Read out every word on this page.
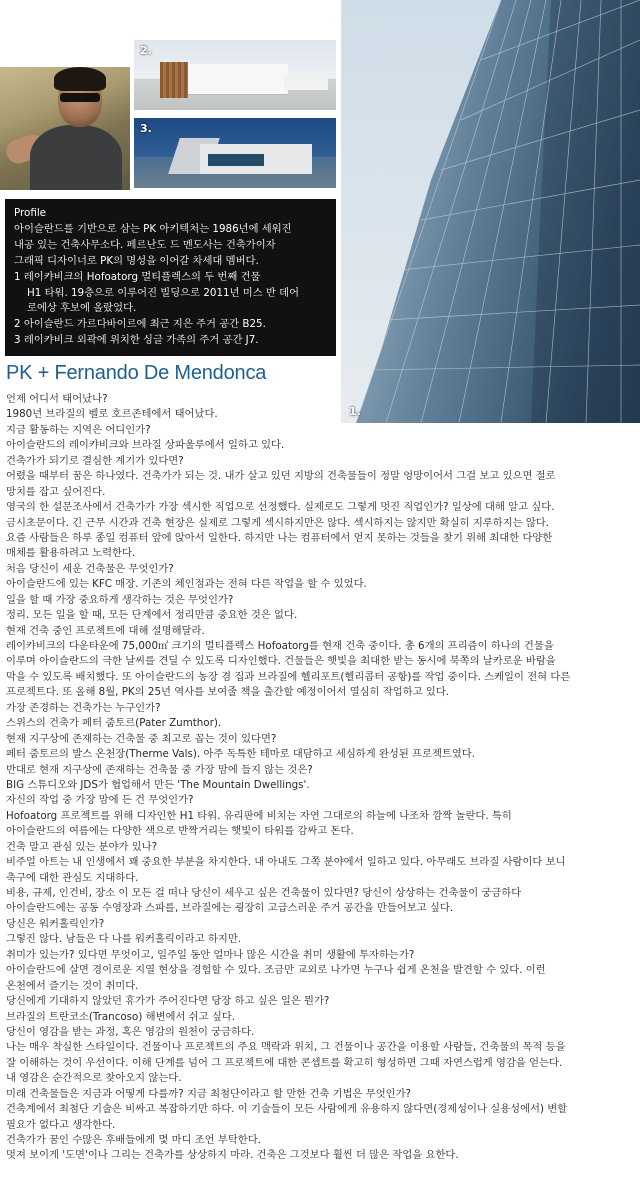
2.
3.
1.
Profile
아이슬란드를 기반으로 삼는 PK 아키텍처는 1986년에 세워진
내공 있는 건축사무소다. 페르난도 드 멘도사는 건축가이자
그래픽 디자이너로 PK의 명성을 이어갈 차세대 멤버다.
1 레이캬비크의 Hofoatorg 멀티플렉스의 두 번째 건물
H1 타워. 19층으로 이루어진 빌딩으로 2011년 미스 반 데어
로에상 후보에 올랐었다.
2 아이슬란드 가르다바이르에 최근 지은 주거 공간 B25.
3 레이캬비크 외곽에 위치한 싱글 가족의 주거 공간 J7.
PK + Fernando De Mendonca
언제 어디서 태어났나?
1980년 브라질의 벨로 호르존테에서 태어났다.
지금 활동하는 지역은 어디인가?
아이슬란드의 레이캬비크와 브라질 상파울루에서 일하고 있다.
건축가가 되기로 결심한 계기가 있다면?
어렸을 때부터 꿈은 하나였다. 건축가가 되는 것. 내가 살고 있던 지방의 건축물들이 정말 엉망이어서 그걸 보고 있으면 절로
망치를 잡고 싶어진다.
영국의 한 설문조사에서 건축가가 가장 섹시한 직업으로 선정했다. 실제로도 그렇게 멋진 직업인가? 일상에 대해 알고 싶다.
금시초문이다. 긴 근무 시간과 건축 현장은 실제로 그렇게 섹시하지만은 않다. 섹시하지는 않지만 확실히 지루하지는 않다.
요즘 사람들은 하루 종일 컴퓨터 앞에 앉아서 일한다. 하지만 나는 컴퓨터에서 얻지 못하는 것들을 찾기 위해 최대한 다양한
매체를 활용하려고 노력한다.
처음 당신이 세운 건축물은 무엇인가?
아이슬란드에 있는 KFC 매장. 기존의 체인점과는 전혀 다른 작업을 할 수 있었다.
일을 할 때 가장 중요하게 생각하는 것은 무엇인가?
정리. 모든 일을 할 때, 모든 단계에서 정리만큼 중요한 것은 없다.
현재 건축 중인 프로젝트에 대해 설명해달라.
레이캬비크의 다운타운에 75,000㎡ 크기의 멀티플렉스 Hofoatorg를 현재 건축 중이다. 총 6개의 프리즘이 하나의 건물을
이루며 아이슬란드의 극한 날씨를 견딜 수 있도록 디자인했다. 건물들은 햇빛을 최대한 받는 동시에 북쪽의 날카로운 바람을
막을 수 있도록 배치했다. 또 아이슬란드의 농장 겸 집과 브라질에 헬리포트(헬리콥터 공항)를 작업 중이다. 스케일이 전혀 다른
프로젝트다. 또 올해 8월, PK의 25년 역사를 보여줄 책을 출간할 예정이어서 열심히 작업하고 있다.
가장 존경하는 건축가는 누구인가?
스위스의 건축가 페터 줌토르(Pater Zumthor).
현재 지구상에 존재하는 건축물 중 최고로 꼽는 것이 있다면?
페터 줌토르의 발스 온천장(Therme Vals). 아주 독특한 테마로 대담하고 세심하게 완성된 프로젝트였다.
반대로 현재 지구상에 존재하는 건축물 중 가장 맘에 들지 않는 것은?
BIG 스튜디오와 JDS가 협업해서 만든 'The Mountain Dwellings'.
자신의 작업 중 가장 맘에 든 건 무엇인가?
Hofoatorg 프로젝트를 위해 디자인한 H1 타워. 유리판에 비치는 자연 그대로의 하늘에 나조차 깜짝 놀란다. 특히
아이슬란드의 여름에는 다양한 색으로 반짝거리는 햇빛이 타워를 감싸고 돈다.
건축 말고 관심 있는 분야가 있나?
비주얼 아트는 내 인생에서 꽤 중요한 부분을 차지한다. 내 아내도 그쪽 분야에서 일하고 있다. 아무래도 브라질 사람이다 보니
축구에 대한 관심도 지대하다.
비용, 규제, 인건비, 장소 이 모든 걸 떠나 당신이 세우고 싶은 건축물이 있다면? 당신이 상상하는 건축물이 궁금하다
아이슬란드에는 공동 수영장과 스파를, 브라질에는 굉장히 고급스러운 주거 공간을 만들어보고 싶다.
당신은 워커홀릭인가?
그렇진 않다. 남들은 다 나를 워커홀릭이라고 하지만.
취미가 있는가? 있다면 무엇이고, 일주일 동안 얼마나 많은 시간을 취미 생활에 투자하는가?
아이슬란드에 살면 경이로운 지열 현상을 경험할 수 있다. 조금만 교외로 나가면 누구나 쉽게 온천을 발견할 수 있다. 이런
온천에서 즐기는 것이 취미다.
당신에게 기대하지 않았던 휴가가 주어진다면 당장 하고 싶은 일은 뭔가?
브라질의 트란코소(Trancoso) 해변에서 쉬고 싶다.
당신이 영감을 받는 과정, 혹은 영감의 원천이 궁금하다.
나는 매우 착실한 스타일이다. 건물이나 프로젝트의 주요 맥락과 위치, 그 건물이나 공간을 이용할 사람들, 건축물의 목적 등을
잘 이해하는 것이 우선이다. 이해 단계를 넘어 그 프로젝트에 대한 콘셉트를 확고히 형성하면 그때 자연스럽게 영감을 얻는다.
내 영감은 순간적으로 찾아오지 않는다.
미래 건축물들은 지금과 어떻게 다를까? 지금 최첨단이라고 할 만한 건축 기법은 무엇인가?
건축계에서 최첨단 기술은 비싸고 복잡하기만 하다. 이 기술들이 모든 사람에게 유용하지 않다면(경제성이나 실용성에서) 변할
필요가 없다고 생각한다.
건축가가 꿈인 수많은 후배들에게 몇 마디 조언 부탁한다.
멋져 보이게 '도면'이나 그리는 건축가를 상상하지 마라. 건축은 그것보다 훨씬 더 많은 작업을 요한다.
